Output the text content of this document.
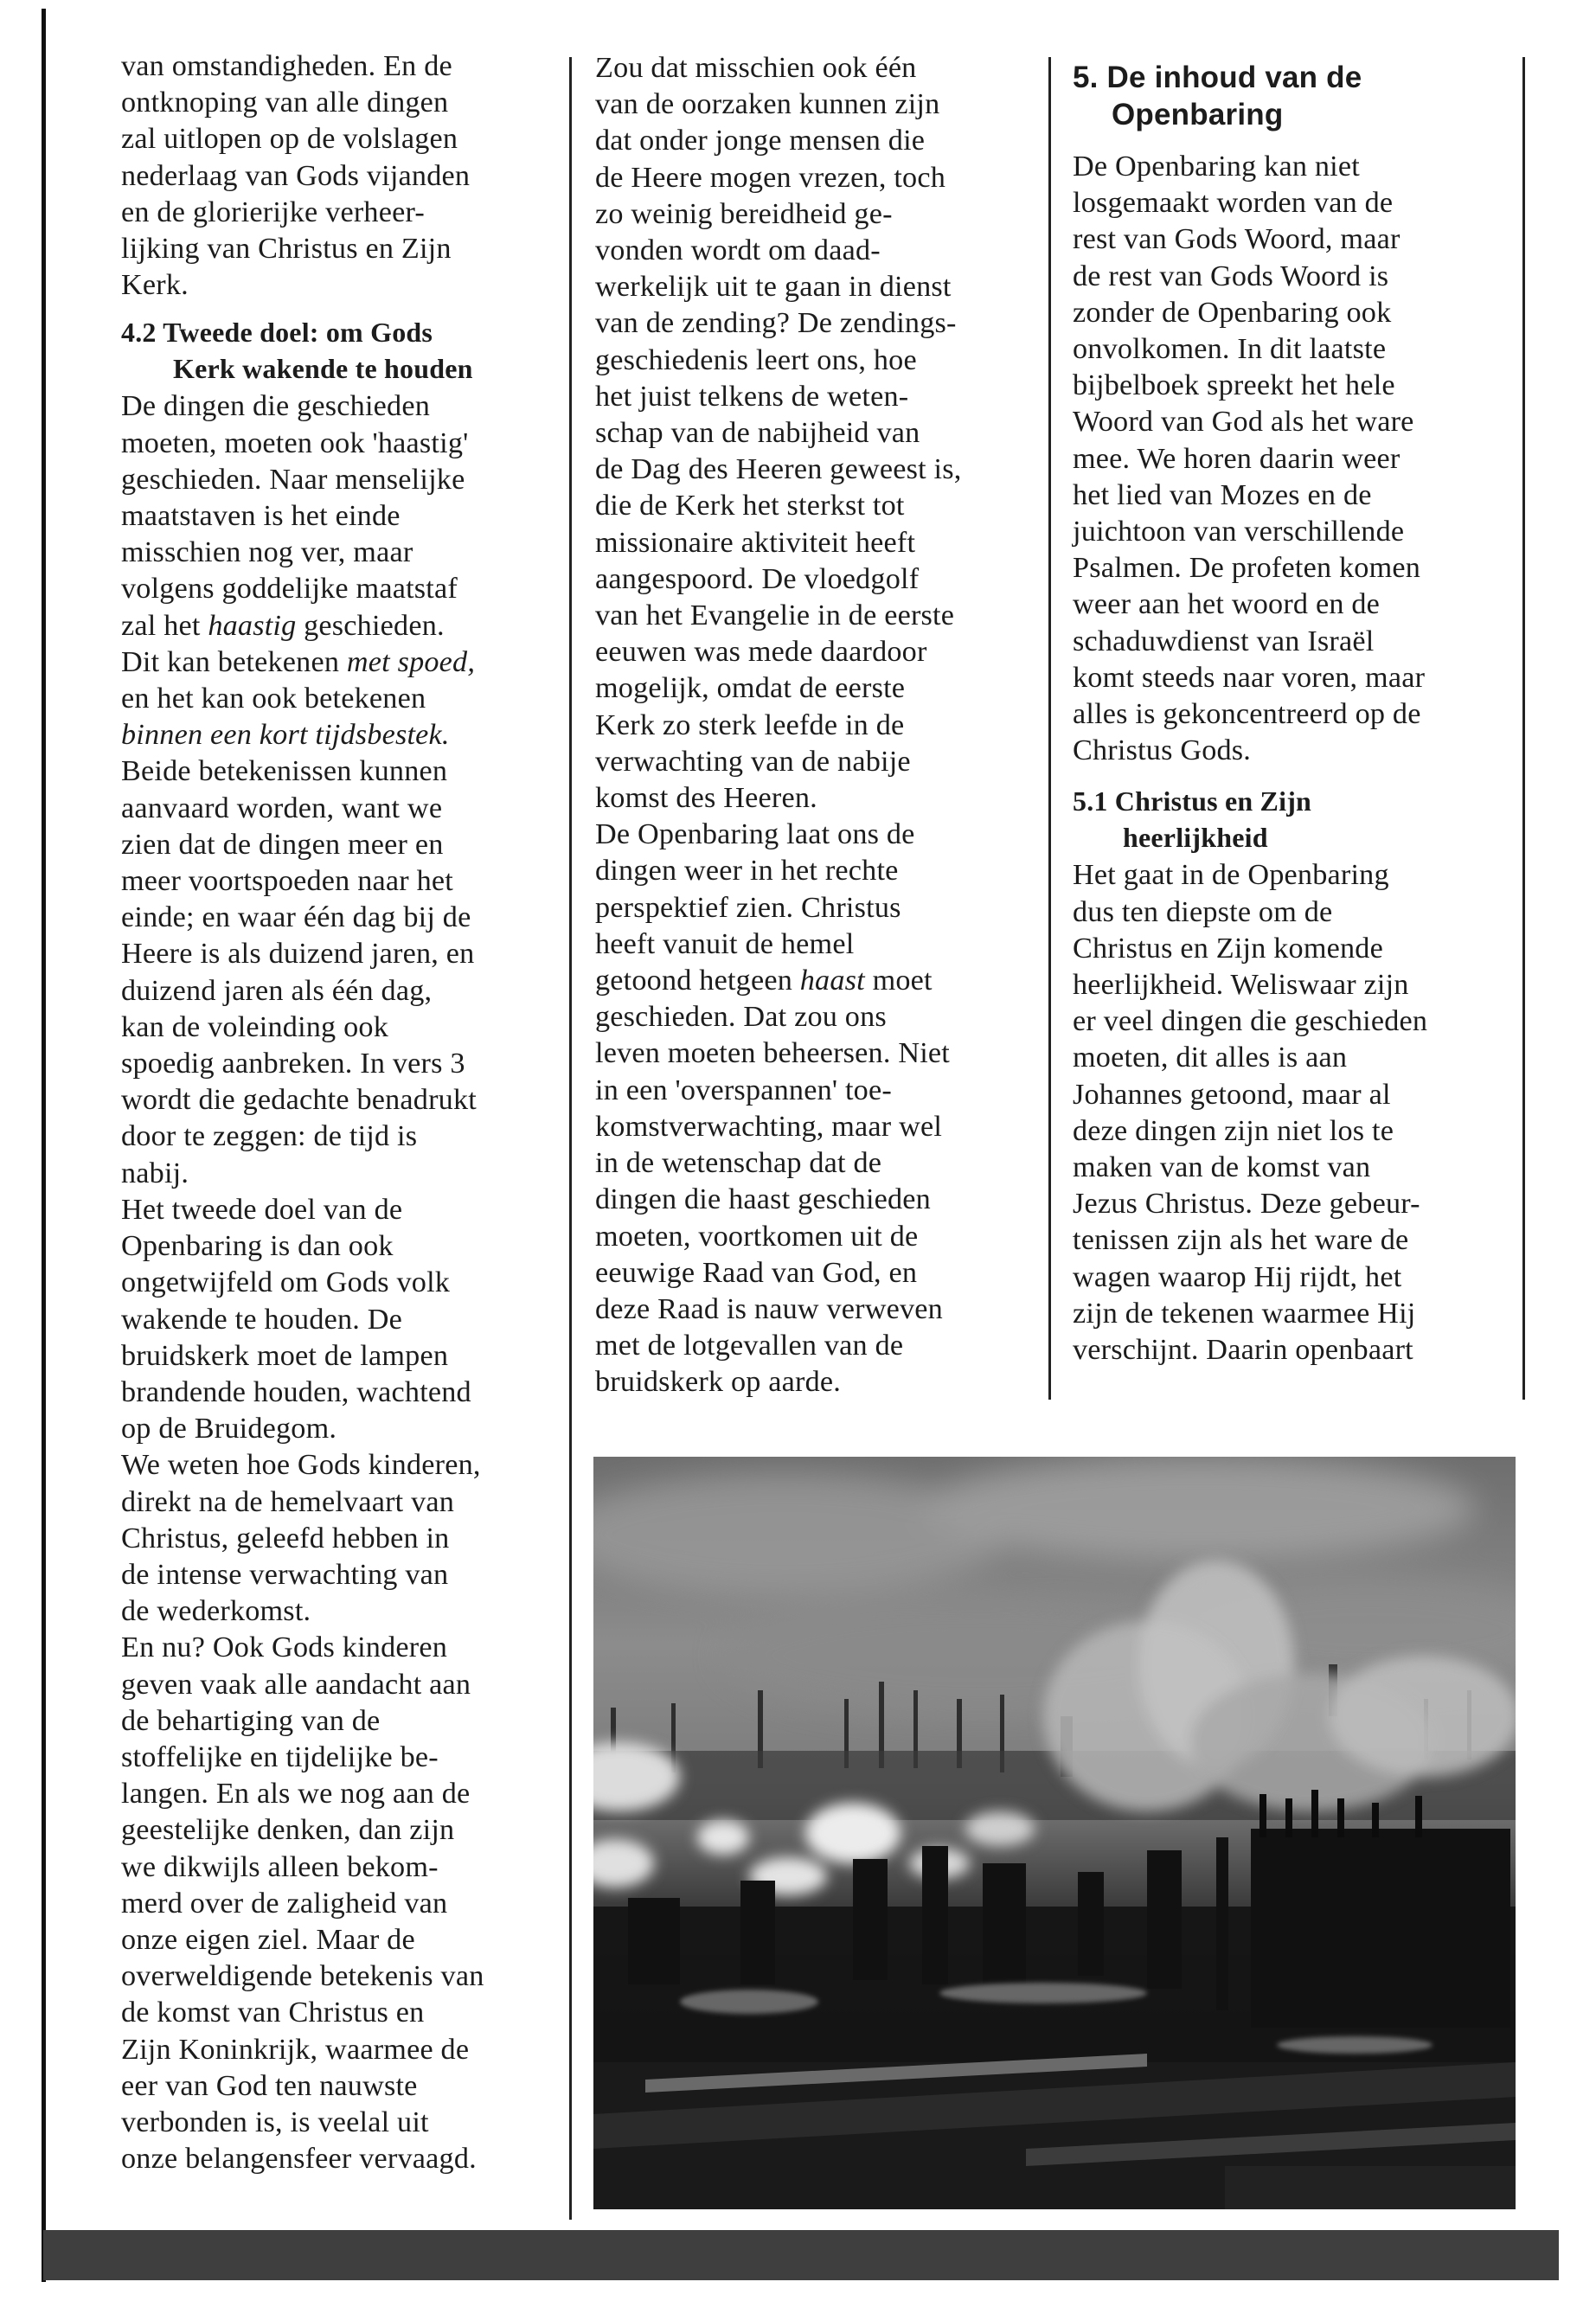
van omstandigheden. En de
ontknoping van alle dingen
zal uitlopen op de volslagen
nederlaag van Gods vijanden
en de glorierijke verheer-
lijking van Christus en Zijn
Kerk.

4.2 Tweede doel: om Gods
Kerk wakende te houden

De dingen die geschieden
moeten, moeten ook 'haastig'
geschieden. Naar menselijke
maatstaven is het einde
misschien nog ver, maar
volgens goddelijke maatstaf
zal het haastig geschieden.
Dit kan betekenen met spoed,
en het kan ook betekenen
binnen een kort tijdsbestek.
Beide betekenissen kunnen
aanvaard worden, want we
zien dat de dingen meer en
meer voortspoeden naar het
einde; en waar één dag bij de
Heere is als duizend jaren, en
duizend jaren als één dag,
kan de voleinding ook
spoedig aanbreken. In vers 3
wordt die gedachte benadrukt
door te zeggen: de tijd is
nabij.

Het tweede doel van de
Openbaring is dan ook
ongetwijfeld om Gods volk
wakende te houden. De
bruidskerk moet de lampen
brandende houden, wachtend
op de Bruidegom.

We weten hoe Gods kinderen,
direkt na de hemelvaart van
Christus, geleefd hebben in
de intense verwachting van
de wederkomst.

En nu? Ook Gods kinderen
geven vaak alle aandacht aan
de behartiging van de
stoffelijke en tijdelijke be-
langen. En als we nog aan de
geestelijke denken, dan zijn
we dikwijls alleen bekom-
merd over de zaligheid van
onze eigen ziel. Maar de
overweldigende betekenis van
de komst van Christus en
Zijn Koninkrijk, waarmee de
eer van God ten nauwste
verbonden is, is veelal uit
onze belangensfeer vervaagd.

Zou dat misschien ook één
van de oorzaken kunnen zijn
dat onder jonge mensen die
de Heere mogen vrezen, toch
zo weinig bereidheid ge-
vonden wordt om daad-
werkelijk uit te gaan in dienst
van de zending? De zendings-
geschiedenis leert ons, hoe
het juist telkens de weten-
schap van de nabijheid van
de Dag des Heeren geweest is,
die de Kerk het sterkst tot
missionaire aktiviteit heeft
aangespoord. De vloedgolf
van het Evangelie in de eerste
eeuwen was mede daardoor
mogelijk, omdat de eerste
Kerk zo sterk leefde in de
verwachting van de nabije
komst des Heeren.

De Openbaring laat ons de
dingen weer in het rechte
perspektief zien. Christus
heeft vanuit de hemel
getoond hetgeen haast moet
geschieden. Dat zou ons
leven moeten beheersen. Niet
in een 'overspannen' toe-
komstverwachting, maar wel
in de wetenschap dat de
dingen die haast geschieden
moeten, voortkomen uit de
eeuwige Raad van God, en
deze Raad is nauw verweven
met de lotgevallen van de
bruidskerk op aarde.

5. De inhoud van de
Openbaring

De Openbaring kan niet
losgemaakt worden van de
rest van Gods Woord, maar
de rest van Gods Woord is
zonder de Openbaring ook
onvolkomen. In dit laatste
bijbelboek spreekt het hele
Woord van God als het ware
mee. We horen daarin weer
het lied van Mozes en de
juichtoon van verschillende
Psalmen. De profeten komen
weer aan het woord en de
schaduwdienst van Israël
komt steeds naar voren, maar
alles is gekoncentreerd op de
Christus Gods.

5.1 Christus en Zijn
heerlijkheid

Het gaat in de Openbaring
dus ten diepste om de
Christus en Zijn komende
heerlijkheid. Weliswaar zijn
er veel dingen die geschieden
moeten, dit alles is aan
Johannes getoond, maar al
deze dingen zijn niet los te
maken van de komst van
Jezus Christus. Deze gebeur-
tenissen zijn als het ware de
wagen waarop Hij rijdt, het
zijn de tekenen waarmee Hij
verschijnt. Daarin openbaart
